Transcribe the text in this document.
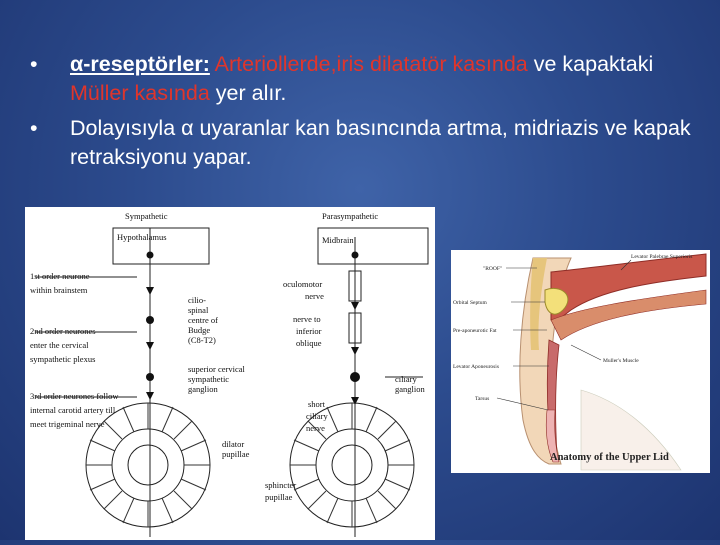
• α-reseptörler: Arteriollerde,iris dilatatör kasında ve kapaktaki Müller kasında yer alır.
• Dolayısıyla α uyaranlar kan basıncında artma, midriazis ve kapak retraksiyonu yapar.
Sympathetic
Hypothalamus
1st order neurone
within brainstem
2nd order neurones
enter the cervical
sympathetic plexus
3rd order neurones follow
internal carotid artery till
meet trigeminal nerve
cilio-
spinal
centre of
Budge
(C8-T2)
superior cervical
sympathetic
ganglion
dilator
pupillae
Parasympathetic
Midbrain
oculomotor
nerve
nerve to
inferior
oblique
ciliary
ganglion
short
ciliary
nerve
sphincter
pupillae
"ROOF"
Levator Palebrae Superioris
Orbital Septum
Pre-aponeurotic Fat
Muller's Muscle
Levator Aponeurosis
Tarsus
Anatomy of the Upper Lid
